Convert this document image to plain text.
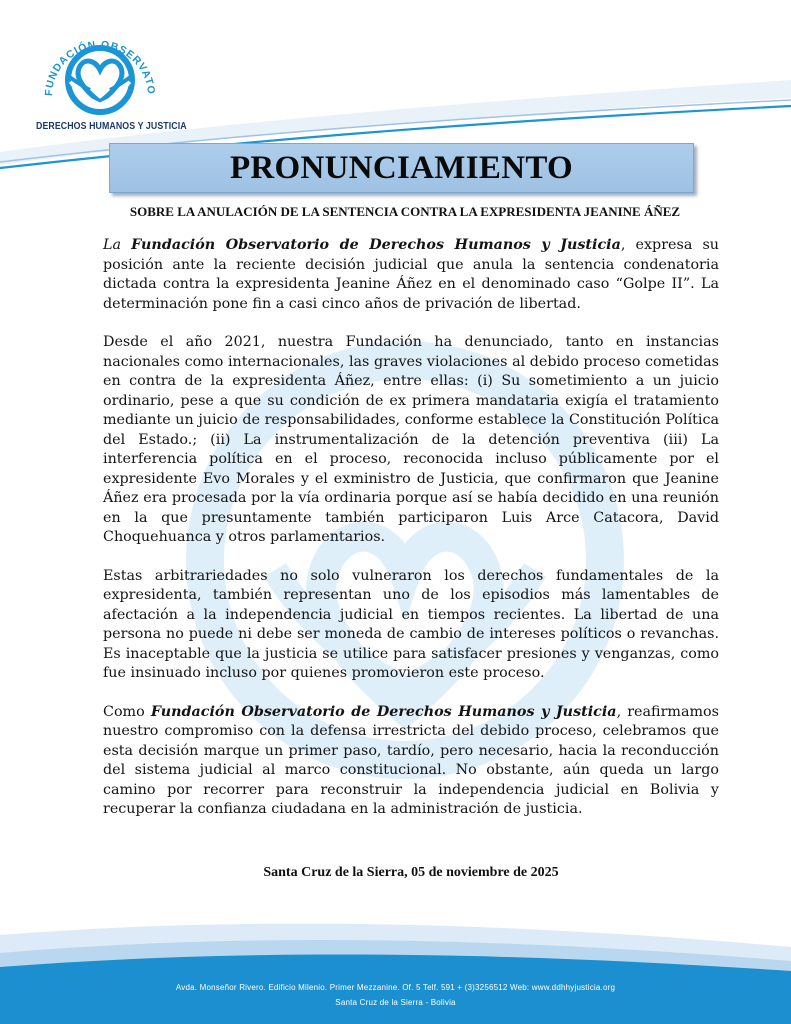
FUNDACIÓN OBSERVATO
DERECHOS HUMANOS Y JUSTICIA
PRONUNCIAMIENTO
SOBRE LA ANULACIÓN DE LA SENTENCIA CONTRA LA EXPRESIDENTA JEANINE ÁÑEZ

La Fundación Observatorio de Derechos Humanos y Justicia, expresa su posición ante la reciente decisión judicial que anula la sentencia condenatoria dictada contra la expresidenta Jeanine Áñez en el denominado caso “Golpe II”. La determinación pone fin a casi cinco años de privación de libertad.

Desde el año 2021, nuestra Fundación ha denunciado, tanto en instancias nacionales como internacionales, las graves violaciones al debido proceso cometidas en contra de la expresidenta Áñez, entre ellas: (i) Su sometimiento a un juicio ordinario, pese a que su condición de ex primera mandataria exigía el tratamiento mediante un juicio de responsabilidades, conforme establece la Constitución Política del Estado.; (ii) La instrumentalización de la detención preventiva (iii) La interferencia política en el proceso, reconocida incluso públicamente por el expresidente Evo Morales y el exministro de Justicia, que confirmaron que Jeanine Áñez era procesada por la vía ordinaria porque así se había decidido en una reunión en la que presuntamente también participaron Luis Arce Catacora, David Choquehuanca y otros parlamentarios.

Estas arbitrariedades no solo vulneraron los derechos fundamentales de la expresidenta, también representan uno de los episodios más lamentables de afectación a la independencia judicial en tiempos recientes. La libertad de una persona no puede ni debe ser moneda de cambio de intereses políticos o revanchas. Es inaceptable que la justicia se utilice para satisfacer presiones y venganzas, como fue insinuado incluso por quienes promovieron este proceso.

Como Fundación Observatorio de Derechos Humanos y Justicia, reafirmamos nuestro compromiso con la defensa irrestricta del debido proceso, celebramos que esta decisión marque un primer paso, tardío, pero necesario, hacia la reconducción del sistema judicial al marco constitucional. No obstante, aún queda un largo camino por recorrer para reconstruir la independencia judicial en Bolivia y recuperar la confianza ciudadana en la administración de justicia.

Santa Cruz de la Sierra, 05 de noviembre de 2025
Avda. Monseñor Rivero. Edificio Milenio. Primer Mezzanine. Of. 5 Telf. 591 + (3)3256512 Web: www.ddhhyjusticia.org
Santa Cruz de la Sierra - Bolivia
